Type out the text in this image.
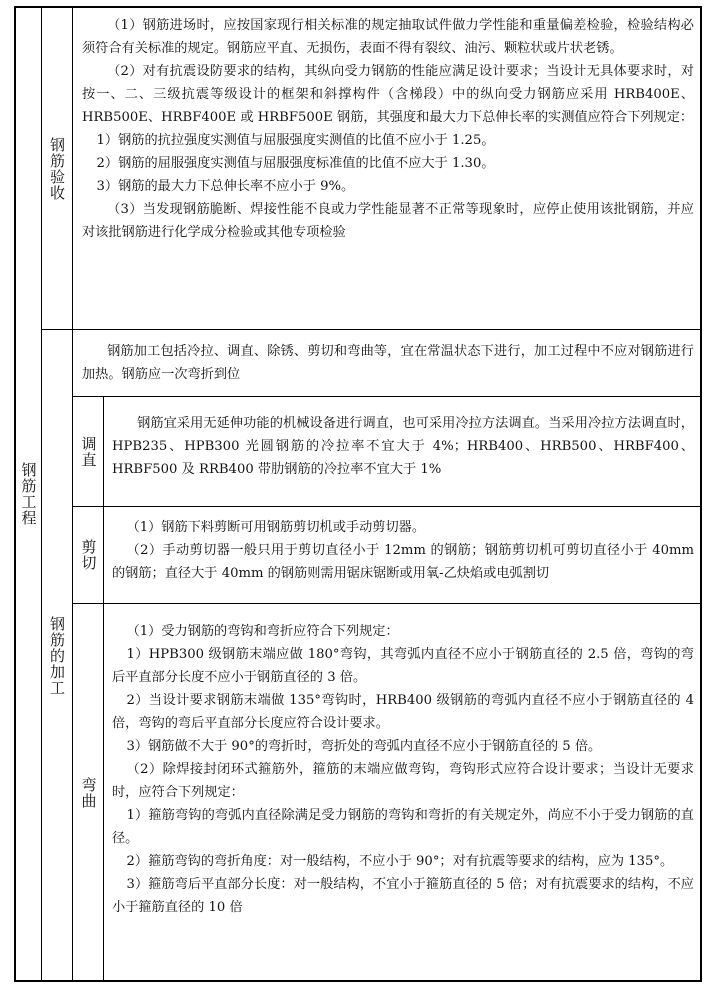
钢筋工程
钢筋验收

（1）钢筋进场时，应按国家现行相关标准的规定抽取试件做力学性能和重量偏差检验，检验结构必须符合有关标准的规定。钢筋应平直、无损伤，表面不得有裂纹、油污、颗粒状或片状老锈。

（2）对有抗震设防要求的结构，其纵向受力钢筋的性能应满足设计要求；当设计无具体要求时，对按一、二、三级抗震等级设计的框架和斜撑构件（含梯段）中的纵向受力钢筋应采用 HRB400E、HRB500E、HRBF400E 或 HRBF500E 钢筋，其强度和最大力下总伸长率的实测值应符合下列规定：

1）钢筋的抗拉强度实测值与屈服强度实测值的比值不应小于 1.25。

2）钢筋的屈服强度实测值与屈服强度标准值的比值不应大于 1.30。

3）钢筋的最大力下总伸长率不应小于 9%。

（3）当发现钢筋脆断、焊接性能不良或力学性能显著不正常等现象时，应停止使用该批钢筋，并应对该批钢筋进行化学成分检验或其他专项检验

钢筋的加工

钢筋加工包括冷拉、调直、除锈、剪切和弯曲等，宜在常温状态下进行，加工过程中不应对钢筋进行加热。钢筋应一次弯折到位

调直

钢筋宜采用无延伸功能的机械设备进行调直，也可采用冷拉方法调直。当采用冷拉方法调直时，HPB235、HPB300 光圆钢筋的冷拉率不宜大于 4%；HRB400、HRB500、HRBF400、HRBF500 及 RRB400 带肋钢筋的冷拉率不宜大于 1%

剪切

（1）钢筋下料剪断可用钢筋剪切机或手动剪切器。

（2）手动剪切器一般只用于剪切直径小于 12mm 的钢筋；钢筋剪切机可剪切直径小于 40mm 的钢筋；直径大于 40mm 的钢筋则需用锯床锯断或用氧-乙炔焰或电弧割切

弯曲

（1）受力钢筋的弯钩和弯折应符合下列规定：

1）HPB300 级钢筋末端应做 180°弯钩，其弯弧内直径不应小于钢筋直径的 2.5 倍，弯钩的弯后平直部分长度不应小于钢筋直径的 3 倍。

2）当设计要求钢筋末端做 135°弯钩时，HRB400 级钢筋的弯弧内直径不应小于钢筋直径的 4 倍，弯钩的弯后平直部分长度应符合设计要求。

3）钢筋做不大于 90°的弯折时，弯折处的弯弧内直径不应小于钢筋直径的 5 倍。

（2）除焊接封闭环式箍筋外，箍筋的末端应做弯钩，弯钩形式应符合设计要求；当设计无要求时，应符合下列规定：

1）箍筋弯钩的弯弧内直径除满足受力钢筋的弯钩和弯折的有关规定外，尚应不小于受力钢筋的直径。

2）箍筋弯钩的弯折角度：对一般结构，不应小于 90°；对有抗震等要求的结构，应为 135°。

3）箍筋弯后平直部分长度：对一般结构，不宜小于箍筋直径的 5 倍；对有抗震要求的结构，不应小于箍筋直径的 10 倍
